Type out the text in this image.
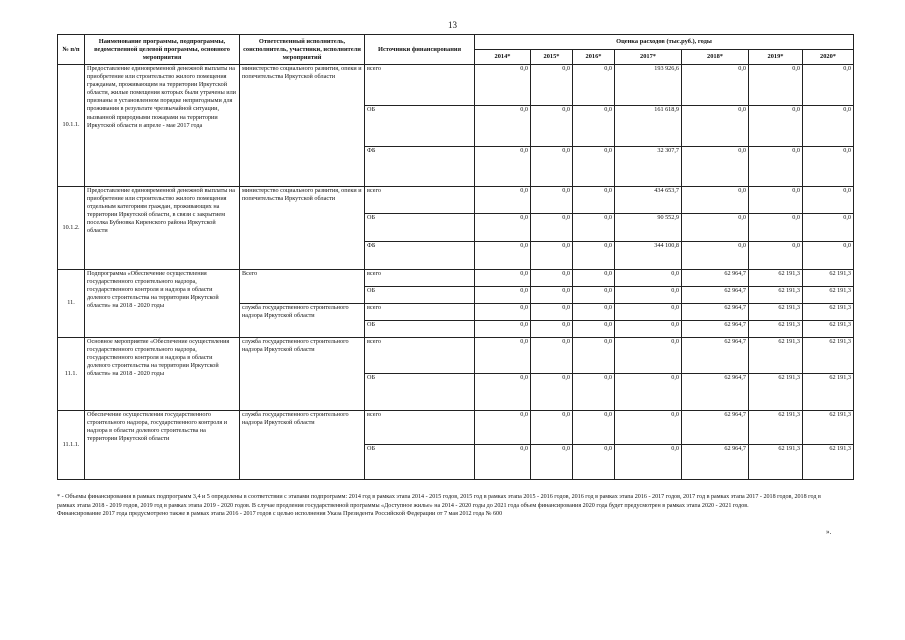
13
№ п/п	Наименование программы, подпрограммы, ведомственной целевой программы, основного мероприятия	Ответственный исполнитель, соисполнитель, участники, исполнители мероприятий	Источники финансирования	Оценка расходов (тыс.руб.), годы						
				2014*	2015*	2016*	2017*	2018*	2019*	2020*
10.1.1.	Предоставление единовременной денежной выплаты на приобретение или строительство жилого помещения гражданам, проживающим на территории Иркутской области, жилые помещения которых были утрачены или признаны в установленном порядке непригодными для проживания в результате чрезвычайной ситуации, вызванной природными пожарами на территории Иркутской области в апреле - мае 2017 года	министерство социального развития, опеки и попечительства Иркутской области	всего	0,0	0,0	0,0	193 926,6	0,0	0,0	0,0
			ОБ	0,0	0,0	0,0	161 618,9	0,0	0,0	0,0
			ФБ	0,0	0,0	0,0	32 307,7	0,0	0,0	0,0
10.1.2.	Предоставление единовременной денежной выплаты на приобретение или строительство жилого помещения отдельным категориям граждан, проживающих на территории Иркутской области, в связи с закрытием поселка Бубновка Киренского района Иркутской области	министерство социального развития, опеки и попечительства Иркутской области	всего	0,0	0,0	0,0	434 653,7	0,0	0,0	0,0
			ОБ	0,0	0,0	0,0	90 552,9	0,0	0,0	0,0
			ФБ	0,0	0,0	0,0	344 100,8	0,0	0,0	0,0
11.	Подпрограмма «Обеспечение осуществления государственного строительного надзора, государственного контроля и надзора в области долевого строительства на территории Иркутской области» на 2018 - 2020 годы	Всего	всего	0,0	0,0	0,0	0,0	62 964,7	62 191,3	62 191,3
			ОБ	0,0	0,0	0,0	0,0	62 964,7	62 191,3	62 191,3
		служба государственного строительного надзора Иркутской области	всего	0,0	0,0	0,0	0,0	62 964,7	62 191,3	62 191,3
			ОБ	0,0	0,0	0,0	0,0	62 964,7	62 191,3	62 191,3
11.1.	Основное мероприятие «Обеспечение осуществления государственного строительного надзора, государственного контроля и надзора в области долевого строительства на территории Иркутской области» на 2018 - 2020 годы	служба государственного строительного надзора Иркутской области	всего	0,0	0,0	0,0	0,0	62 964,7	62 191,3	62 191,3
			ОБ	0,0	0,0	0,0	0,0	62 964,7	62 191,3	62 191,3
11.1.1.	Обеспечение осуществления государственного строительного надзора, государственного контроля и надзора в области долевого строительства на территории Иркутской области	служба государственного строительного надзора Иркутской области	всего	0,0	0,0	0,0	0,0	62 964,7	62 191,3	62 191,3
			ОБ	0,0	0,0	0,0	0,0	62 964,7	62 191,3	62 191,3

* - Объемы финансирования в рамках подпрограмм 3,4 и 5 определены в соответствии с этапами подпрограмм: 2014 год в рамках этапа 2014 - 2015 годов, 2015 год в рамках этапа 2015 - 2016 годов, 2016 год в рамках этапа 2016 - 2017 годов, 2017 год в рамках этапа 2017 - 2018 годов, 2018 год в рамках этапа 2018 - 2019 годов, 2019 год в рамках этапа 2019 - 2020 годов. В случае продления государственной программы «Доступное жилье» на 2014 - 2020 годы до 2021 года объем финансирования 2020 года будет предусмотрен в рамках этапа 2020 - 2021 годов.

Финансирование 2017 года предусмотрено также в рамках этапа 2016 - 2017 годов с целью исполнения Указа Президента Российской Федерации от 7 мая 2012 года № 600

».
